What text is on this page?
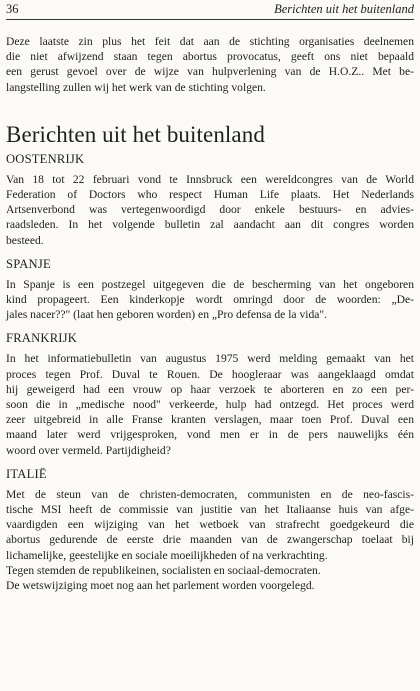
36	Berichten uit het buitenland

Deze laatste zin plus het feit dat aan de stichting organisaties deelnemen
die niet afwijzend staan tegen abortus provocatus, geeft ons niet bepaald
een gerust gevoel over de wijze van hulpverlening van de H.O.Z.. Met be-
langstelling zullen wij het werk van de stichting volgen.

Berichten uit het buitenland
OOSTENRIJK

Van 18 tot 22 februari vond te Innsbruck een wereldcongres van de World
Federation of Doctors who respect Human Life plaats. Het Nederlands
Artsenverbond was vertegenwoordigd door enkele bestuurs- en advies-
raadsleden. In het volgende bulletin zal aandacht aan dit congres worden
besteed.

SPANJE

In Spanje is een postzegel uitgegeven die de bescherming van het ongeboren
kind propageert. Een kinderkopje wordt omringd door de woorden: „De-
jales nacer??" (laat hen geboren worden) en „Pro defensa de la vida".

FRANKRIJK

In het informatiebulletin van augustus 1975 werd melding gemaakt van het
proces tegen Prof. Duval te Rouen. De hoogleraar was aangeklaagd omdat
hij geweigerd had een vrouw op haar verzoek te aborteren en zo een per-
soon die in „medische nood" verkeerde, hulp had ontzegd. Het proces werd
zeer uitgebreid in alle Franse kranten verslagen, maar toen Prof. Duval een
maand later werd vrijgesproken, vond men er in de pers nauwelijks één
woord over vermeld. Partijdigheid?

ITALIË

Met de steun van de christen-democraten, communisten en de neo-fascis-
tische MSI heeft de commissie van justitie van het Italiaanse huis van afge-
vaardigden een wijziging van het wetboek van strafrecht goedgekeurd die
abortus gedurende de eerste drie maanden van de zwangerschap toelaat bij
lichamelijke, geestelijke en sociale moeilijkheden of na verkrachting.
Tegen stemden de republikeinen, socialisten en sociaal-democraten.
De wetswijziging moet nog aan het parlement worden voorgelegd.
